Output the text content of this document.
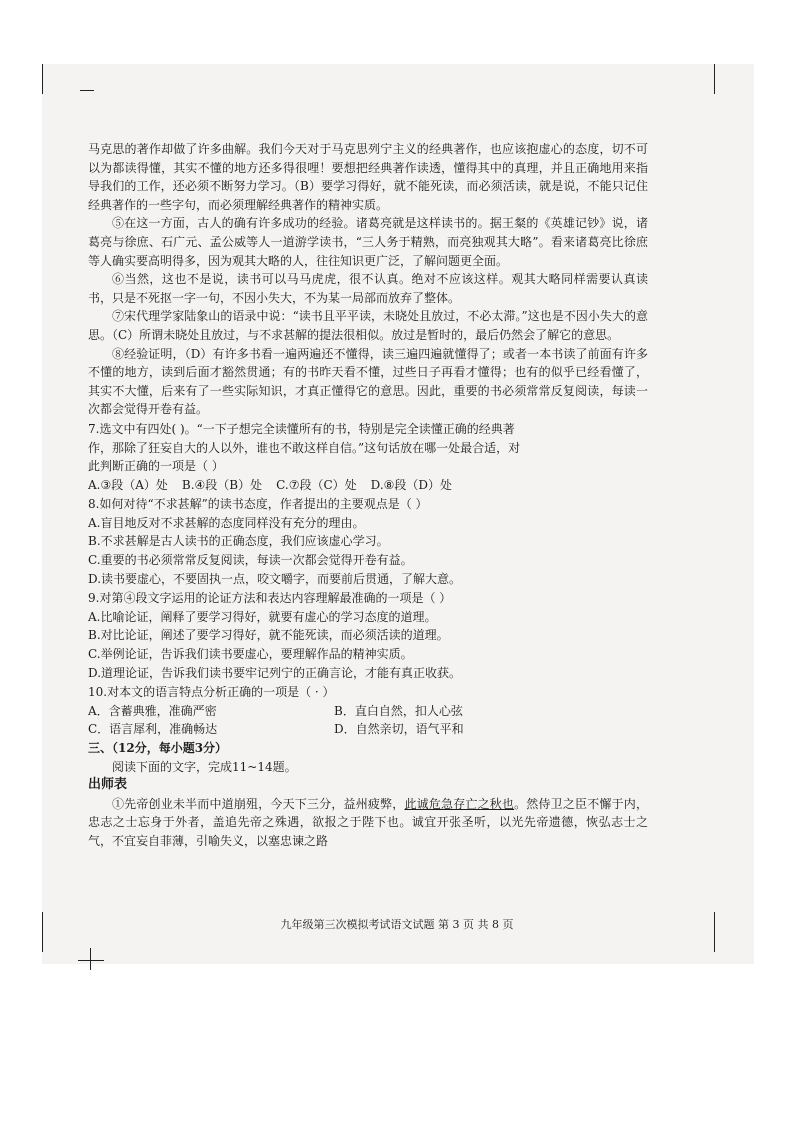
马克思的著作却做了许多曲解。我们今天对于马克思列宁主义的经典著作，也应该抱虚心的态度，切不可以为都读得懂，其实不懂的地方还多得很哩！要想把经典著作读透，懂得其中的真理，并且正确地用来指导我们的工作，还必须不断努力学习。（B）要学习得好，就不能死读，而必须活读，就是说，不能只记住经典著作的一些字句，而必须理解经典著作的精神实质。

⑤在这一方面，古人的确有许多成功的经验。诸葛亮就是这样读书的。据王粲的《英雄记钞》说，诸葛亮与徐庶、石广元、孟公威等人一道游学读书，“三人务于精熟，而亮独观其大略”。看来诸葛亮比徐庶等人确实要高明得多，因为观其大略的人，往往知识更广泛，了解问题更全面。

⑥当然，这也不是说，读书可以马马虎虎，很不认真。绝对不应该这样。观其大略同样需要认真读书，只是不死抠一字一句，不因小失大，不为某一局部而放弃了整体。

⑦宋代理学家陆象山的语录中说：“读书且平平读，未晓处且放过，不必太滞。”这也是不因小失大的意思。（C）所谓未晓处且放过，与不求甚解的提法很相似。放过是暂时的，最后仍然会了解它的意思。

⑧经验证明，（D）有许多书看一遍两遍还不懂得，读三遍四遍就懂得了；或者一本书读了前面有许多不懂的地方，读到后面才豁然贯通；有的书昨天看不懂，过些日子再看才懂得；也有的似乎已经看懂了，其实不大懂，后来有了一些实际知识，才真正懂得它的意思。因此，重要的书必须常常反复阅读，每读一次都会觉得开卷有益。

7.选文中有四处( )。“一下子想完全读懂所有的书，特别是完全读懂正确的经典著

作，那除了狂妄自大的人以外，谁也不敢这样自信。”这句话放在哪一处最合适，对

此判断正确的一项是（ ）

A.③段（A）处 B.④段（B）处 C.⑦段（C）处 D.⑧段（D）处

8.如何对待“不求甚解”的读书态度，作者提出的主要观点是（ ）

A.盲目地反对不求甚解的态度同样没有充分的理由。

B.不求甚解是古人读书的正确态度，我们应该虚心学习。

C.重要的书必须常常反复阅读，每读一次都会觉得开卷有益。

D.读书要虚心，不要固执一点，咬文嚼字，而要前后贯通，了解大意。

9.对第④段文字运用的论证方法和表达内容理解最准确的一项是（ ）

A.比喻论证，阐释了要学习得好，就要有虚心的学习态度的道理。

B.对比论证，阐述了要学习得好，就不能死读，而必须活读的道理。

C.举例论证，告诉我们读书要虚心，要理解作品的精神实质。

D.道理论证，告诉我们读书要牢记列宁的正确言论，才能有真正收获。

10.对本文的语言特点分析正确的一项是（ · ）

A．含蓄典雅，准确严密	B．直白自然，扣人心弦
C．语言犀利，准确畅达	D．自然亲切，语气平和

三、（12分，每小题3分）

阅读下面的文字，完成11~14题。

出师表

①先帝创业未半而中道崩殂，今天下三分，益州疲弊，此诚危急存亡之秋也。然侍卫之臣不懈于内，忠志之士忘身于外者，盖追先帝之殊遇，欲报之于陛下也。诚宜开张圣听，以光先帝遗德，恢弘志士之气，不宜妄自菲薄，引喻失义，以塞忠谏之路

九年级第三次模拟考试语文试题 第 3 页 共 8 页
